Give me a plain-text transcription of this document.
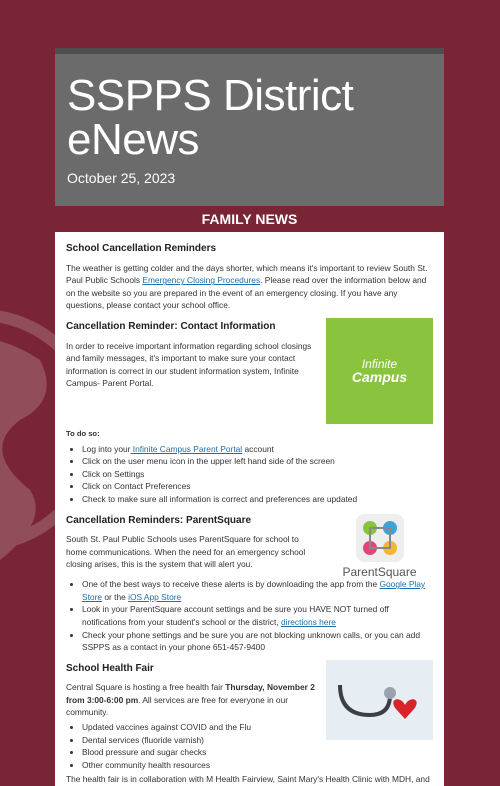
SSPPS District eNews
October 25, 2023
FAMILY NEWS
School Cancellation Reminders

The weather is getting colder and the days shorter, which means it's important to review South St. Paul Public Schools Emergency Closing Procedures. Please read over the information below and on the website so you are prepared in the event of an emergency closing. If you have any questions, please contact your school office.

Cancellation Reminder: Contact Information

In order to receive important information regarding school closings and family messages, it's important to make sure your contact information is correct in our student information system, Infinite Campus- Parent Portal.

Infinite
Campus
To do so:
• Log into your Infinite Campus Parent Portal account
• Click on the user menu icon in the upper left hand side of the screen
• Click on Settings
• Click on Contact Preferences
• Check to make sure all information is correct and preferences are updated
Cancellation Reminders: ParentSquare

South St. Paul Public Schools uses ParentSquare for school to home communications. When the need for an emergency school closing arises, this is the system that will alert you.

ParentSquare
• One of the best ways to receive these alerts is by downloading the app from the Google Play Store or the iOS App Store
• Look in your ParentSquare account settings and be sure you HAVE NOT turned off notifications from your student's school or the district, directions here
• Check your phone settings and be sure you are not blocking unknown calls, or you can add SSPPS as a contact in your phone 651-457-9400
School Health Fair

Central Square is hosting a free health fair Thursday, November 2 from 3:00-6:00 pm. All services are free for everyone in our community.

• Updated vaccines against COVID and the Flu
• Dental services (fluoride varnish)
• Blood pressure and sugar checks
• Other community health resources

The health fair is in collaboration with M Health Fairview, Saint Mary's Health Clinic with MDH, and
